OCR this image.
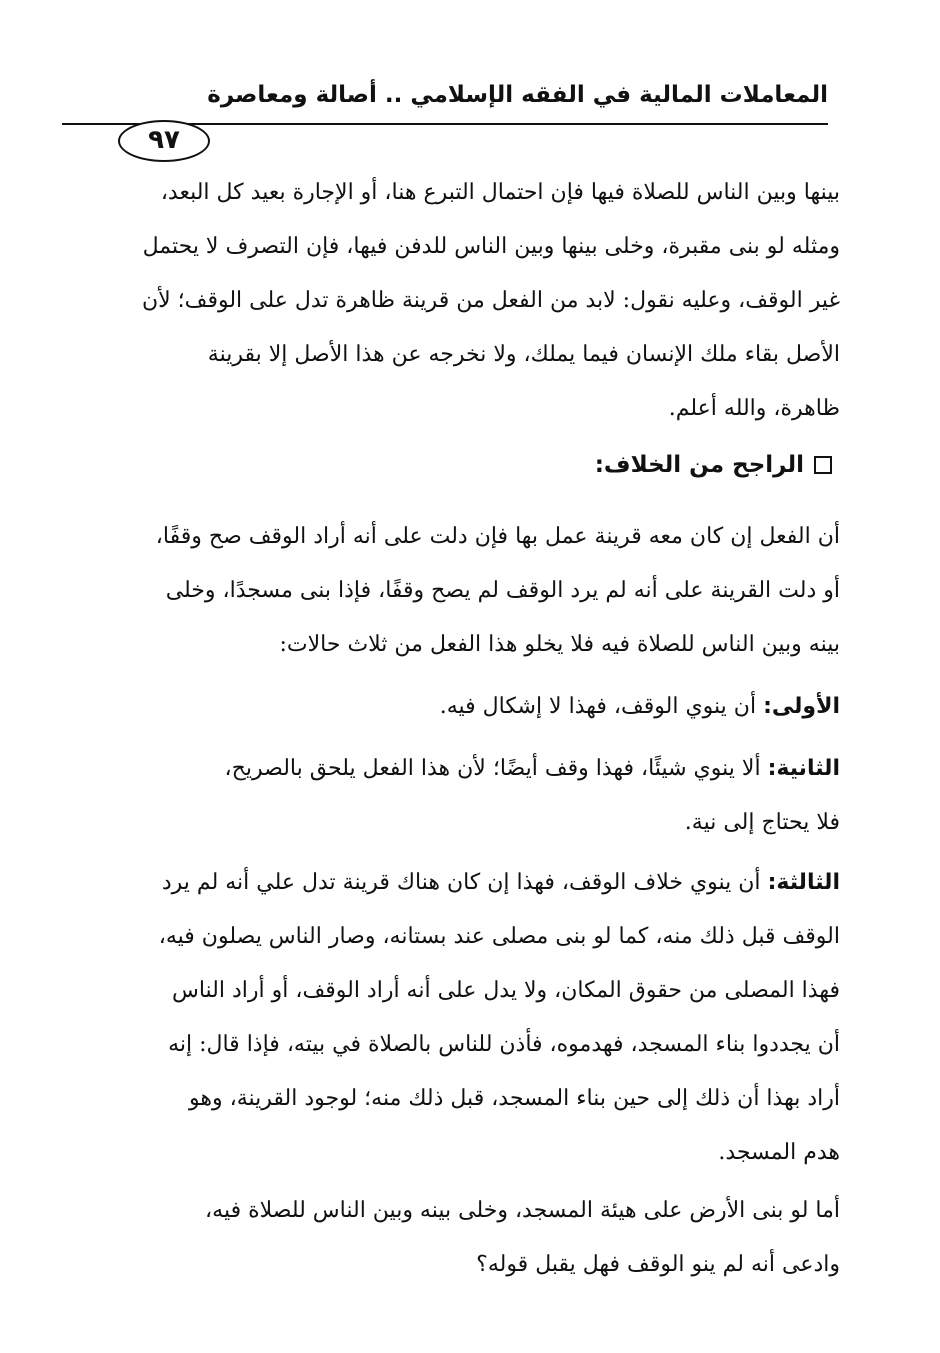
المعاملات المالية في الفقه الإسلامي .. أصالة ومعاصرة
٩٧
بينها وبين الناس للصلاة فيها فإن احتمال التبرع هنا، أو الإجارة بعيد كل البعد،
ومثله لو بنى مقبرة، وخلى بينها وبين الناس للدفن فيها، فإن التصرف لا يحتمل
غير الوقف، وعليه نقول: لابد من الفعل من قرينة ظاهرة تدل على الوقف؛ لأن
الأصل بقاء ملك الإنسان فيما يملك، ولا نخرجه عن هذا الأصل إلا بقرينة
ظاهرة، والله أعلم.
الراجح من الخلاف:
أن الفعل إن كان معه قرينة عمل بها فإن دلت على أنه أراد الوقف صح وقفًا،
أو دلت القرينة على أنه لم يرد الوقف لم يصح وقفًا، فإذا بنى مسجدًا، وخلى
بينه وبين الناس للصلاة فيه فلا يخلو هذا الفعل من ثلاث حالات:
الأولى: أن ينوي الوقف، فهذا لا إشكال فيه.
الثانية: ألا ينوي شيئًا، فهذا وقف أيضًا؛ لأن هذا الفعل يلحق بالصريح،
فلا يحتاج إلى نية.
الثالثة: أن ينوي خلاف الوقف، فهذا إن كان هناك قرينة تدل علي أنه لم يرد
الوقف قبل ذلك منه، كما لو بنى مصلى عند بستانه، وصار الناس يصلون فيه،
فهذا المصلى من حقوق المكان، ولا يدل على أنه أراد الوقف، أو أراد الناس
أن يجددوا بناء المسجد، فهدموه، فأذن للناس بالصلاة في بيته، فإذا قال: إنه
أراد بهذا أن ذلك إلى حين بناء المسجد، قبل ذلك منه؛ لوجود القرينة، وهو
هدم المسجد.
أما لو بنى الأرض على هيئة المسجد، وخلى بينه وبين الناس للصلاة فيه،
وادعى أنه لم ينو الوقف فهل يقبل قوله؟
